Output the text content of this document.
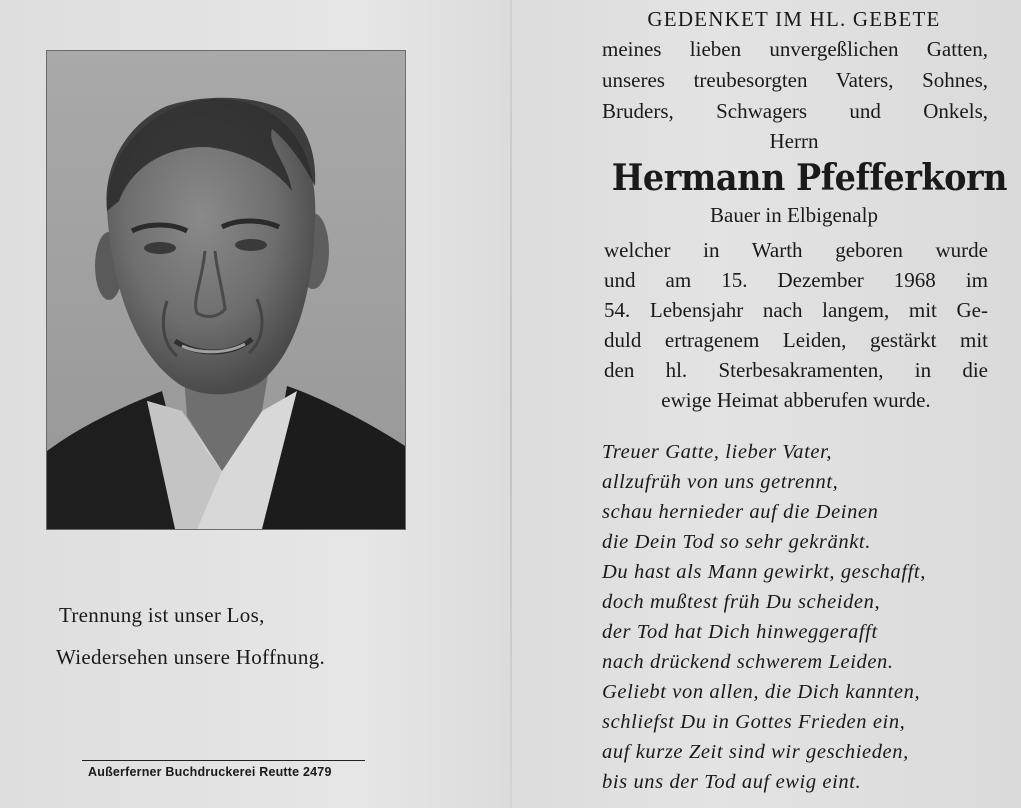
Trennung ist unser Los,
Wiedersehen unsere Hoffnung.
Außerferner Buchdruckerei Reutte 2479
GEDENKET IM HL. GEBETE
meines lieben unvergeßlichen Gatten,
unseres treubesorgten Vaters, Sohnes,
Bruders, Schwagers und Onkels,
Herrn
Hermann Pfefferkorn
Bauer in Elbigenalp
welcher in Warth geboren wurde
und am 15. Dezember 1968 im
54. Lebensjahr nach langem, mit Ge-
duld ertragenem Leiden, gestärkt mit
den hl. Sterbesakramenten, in die
ewige Heimat abberufen wurde.
Treuer Gatte, lieber Vater,
allzufrüh von uns getrennt,
schau hernieder auf die Deinen
die Dein Tod so sehr gekränkt.
Du hast als Mann gewirkt, geschafft,
doch mußtest früh Du scheiden,
der Tod hat Dich hinweggerafft
nach drückend schwerem Leiden.
Geliebt von allen, die Dich kannten,
schliefst Du in Gottes Frieden ein,
auf kurze Zeit sind wir geschieden,
bis uns der Tod auf ewig eint.
